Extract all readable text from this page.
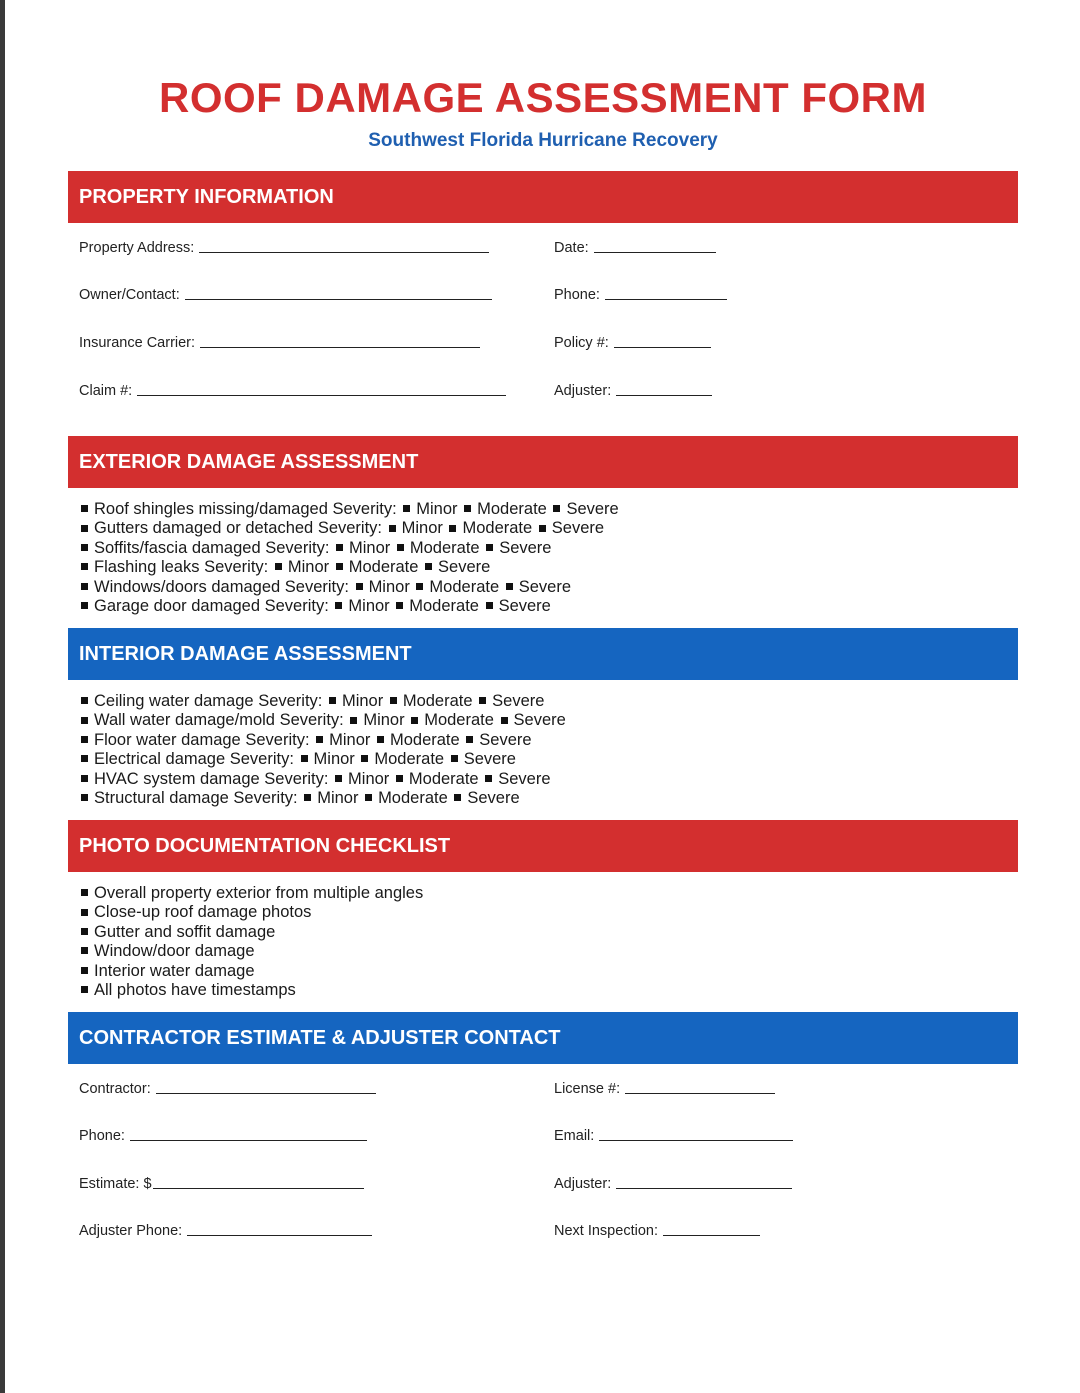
ROOF DAMAGE ASSESSMENT FORM
Southwest Florida Hurricane Recovery
PROPERTY INFORMATION
Property Address:	Date:
Owner/Contact:	Phone:
Insurance Carrier:	Policy #:
Claim #:	Adjuster:
EXTERIOR DAMAGE ASSESSMENT
Roof shingles missing/damaged Severity: Minor Moderate Severe
Gutters damaged or detached Severity: Minor Moderate Severe
Soffits/fascia damaged Severity: Minor Moderate Severe
Flashing leaks Severity: Minor Moderate Severe
Windows/doors damaged Severity: Minor Moderate Severe
Garage door damaged Severity: Minor Moderate Severe
INTERIOR DAMAGE ASSESSMENT
Ceiling water damage Severity: Minor Moderate Severe
Wall water damage/mold Severity: Minor Moderate Severe
Floor water damage Severity: Minor Moderate Severe
Electrical damage Severity: Minor Moderate Severe
HVAC system damage Severity: Minor Moderate Severe
Structural damage Severity: Minor Moderate Severe
PHOTO DOCUMENTATION CHECKLIST
Overall property exterior from multiple angles
Close-up roof damage photos
Gutter and soffit damage
Window/door damage
Interior water damage
All photos have timestamps
CONTRACTOR ESTIMATE & ADJUSTER CONTACT
Contractor:	License #:
Phone:	Email:
Estimate: $	Adjuster:
Adjuster Phone:	Next Inspection:
